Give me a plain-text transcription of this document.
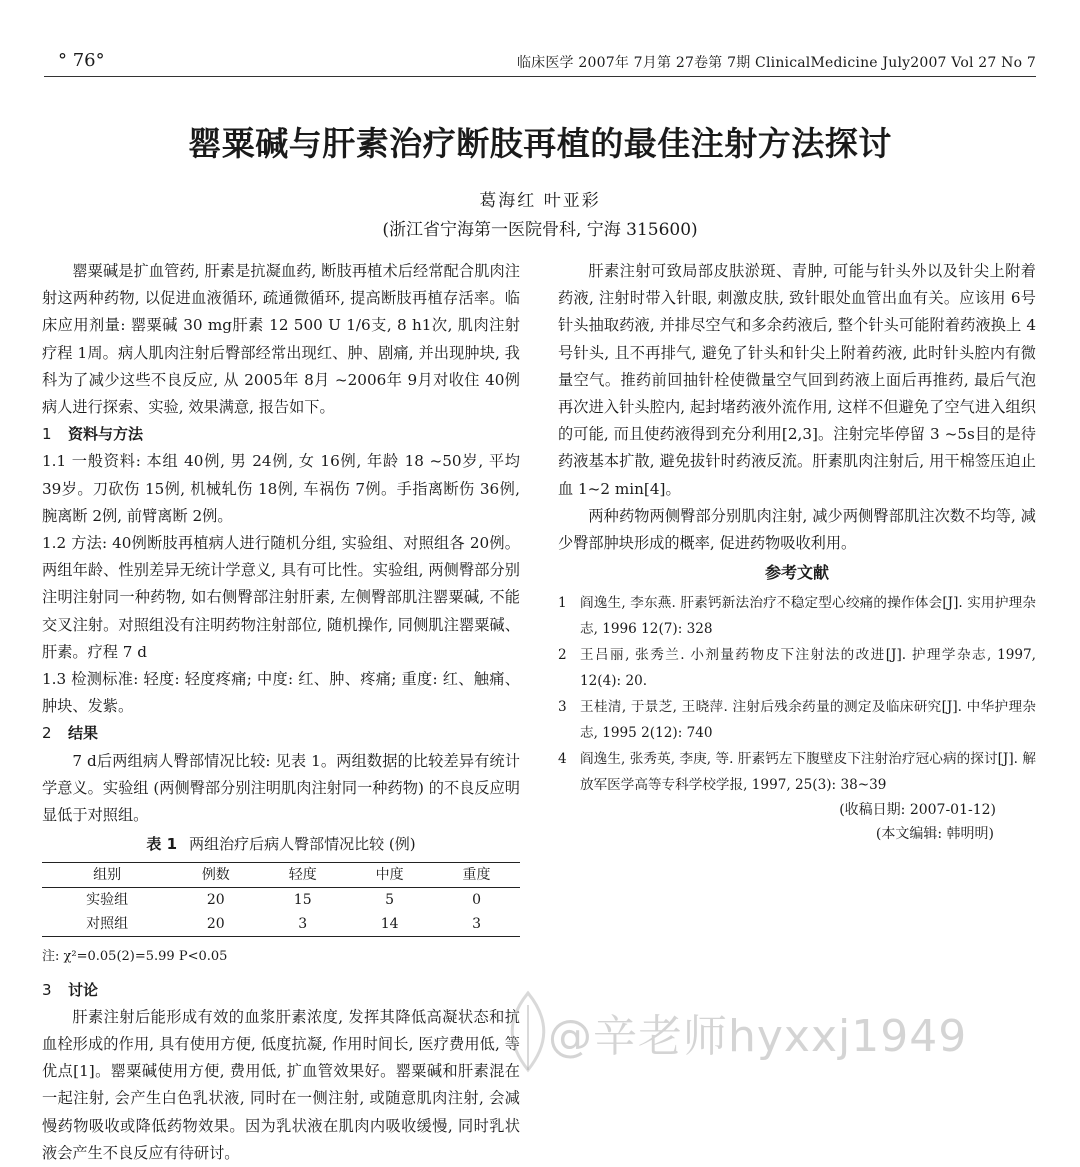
° 76°	临床医学 2007年 7月第 27卷第 7期 ClinicalMedicine July2007 Vol 27 No 7
罂粟碱与肝素治疗断肢再植的最佳注射方法探讨
葛海红 叶亚彩
(浙江省宁海第一医院骨科, 宁海 315600)

罂粟碱是扩血管药, 肝素是抗凝血药, 断肢再植术后经常配合肌肉注射这两种药物, 以促进血液循环, 疏通微循环, 提高断肢再植存活率。临床应用剂量: 罂粟碱 30 mg肝素 12 500 U 1/6支, 8 h1次, 肌肉注射疗程 1周。病人肌肉注射后臀部经常出现红、肿、剧痛, 并出现肿块, 我科为了减少这些不良反应, 从 2005年 8月 ~2006年 9月对收住 40例病人进行探索、实验, 效果满意, 报告如下。

1 资料与方法

1.1 一般资料: 本组 40例, 男 24例, 女 16例, 年龄 18 ~50岁, 平均 39岁。刀砍伤 15例, 机械轧伤 18例, 车祸伤 7例。手指离断伤 36例, 腕离断 2例, 前臂离断 2例。

1.2 方法: 40例断肢再植病人进行随机分组, 实验组、对照组各 20例。两组年龄、性别差异无统计学意义, 具有可比性。实验组, 两侧臀部分别注明注射同一种药物, 如右侧臀部注射肝素, 左侧臀部肌注罂粟碱, 不能交叉注射。对照组没有注明药物注射部位, 随机操作, 同侧肌注罂粟碱、肝素。疗程 7 d

1.3 检测标准: 轻度: 轻度疼痛; 中度: 红、肿、疼痛; 重度: 红、触痛、肿块、发紫。

2 结果

7 d后两组病人臀部情况比较: 见表 1。两组数据的比较差异有统计学意义。实验组 (两侧臀部分别注明肌肉注射同一种药物) 的不良反应明显低于对照组。

表 1 两组治疗后病人臀部情况比较 (例)
组别	例数	轻度	中度	重度
实验组	20	15	5	0
对照组	20	3	14	3
注: χ²=0.05(2)=5.99 P<0.05
3 讨论

肝素注射后能形成有效的血浆肝素浓度, 发挥其降低高凝状态和抗血栓形成的作用, 具有使用方便, 低度抗凝, 作用时间长, 医疗费用低, 等优点[1]。罂粟碱使用方便, 费用低, 扩血管效果好。罂粟碱和肝素混在一起注射, 会产生白色乳状液, 同时在一侧注射, 或随意肌肉注射, 会减慢药物吸收或降低药物效果。因为乳状液在肌肉内吸收缓慢, 同时乳状液会产生不良反应有待研讨。

肝素注射可致局部皮肤淤斑、青肿, 可能与针头外以及针尖上附着药液, 注射时带入针眼, 刺激皮肤, 致针眼处血管出血有关。应该用 6号针头抽取药液, 并排尽空气和多余药液后, 整个针头可能附着药液换上 4号针头, 且不再排气, 避免了针头和针尖上附着药液, 此时针头腔内有微量空气。推药前回抽针栓使微量空气回到药液上面后再推药, 最后气泡再次进入针头腔内, 起封堵药液外流作用, 这样不但避免了空气进入组织的可能, 而且使药液得到充分利用[2,3]。注射完毕停留 3 ~5s目的是待药液基本扩散, 避免拔针时药液反流。肝素肌肉注射后, 用干棉签压迫止血 1~2 min[4]。

两种药物两侧臀部分别肌肉注射, 减少两侧臀部肌注次数不均等, 减少臀部肿块形成的概率, 促进药物吸收利用。

参考文献
1 阎逸生, 李东燕. 肝素钙新法治疗不稳定型心绞痛的操作体会[J]. 实用护理杂志, 1996 12(7): 328
2 王吕丽, 张秀兰. 小剂量药物皮下注射法的改进[J]. 护理学杂志, 1997, 12(4): 20.
3 王桂清, 于景芝, 王晓萍. 注射后残余药量的测定及临床研究[J]. 中华护理杂志, 1995 2(12): 740
4 阎逸生, 张秀英, 李庚, 等. 肝素钙左下腹壁皮下注射治疗冠心病的探讨[J]. 解放军医学高等专科学校学报, 1997, 25(3): 38~39
(收稿日期: 2007-01-12)
(本文编辑: 韩明明)
@辛老师hyxxj1949
